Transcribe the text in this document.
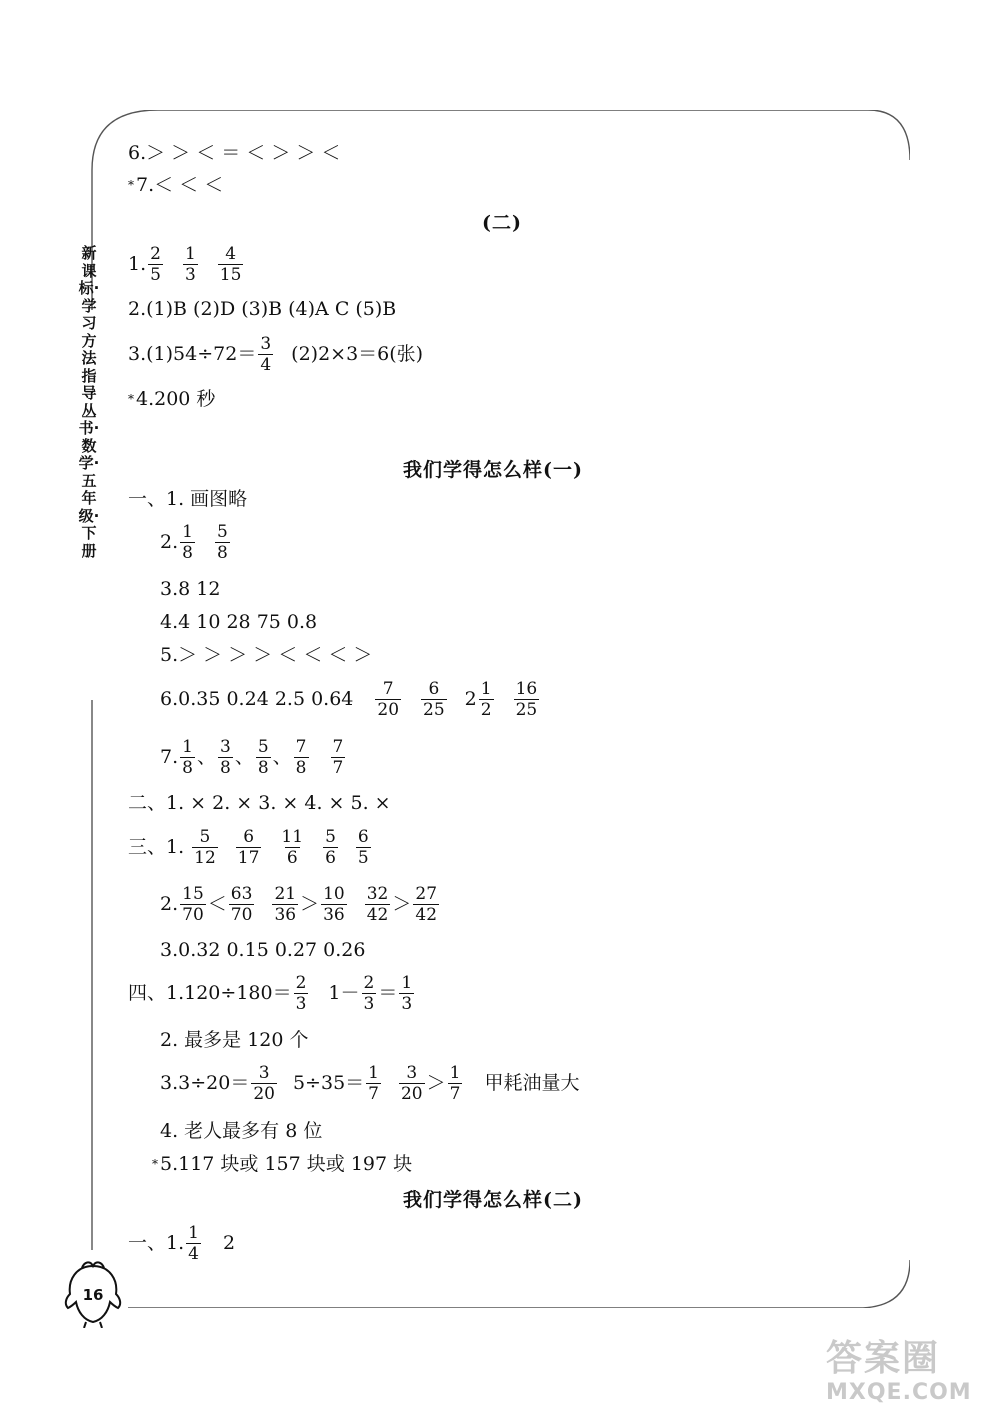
新课标·学习方法指导丛书·数学·五年级·下册
6.＞ ＞ ＜ ＝ ＜ ＞ ＞ ＜
* 7.＜ ＜ ＜
(二)
1. 2
5
1
3
4
15
2.(1)B (2)D (3)B (4)A C (5)B
3.(1)54÷72＝ 3
4 (2)2×3＝6(张)
* 4.200 秒
我们学得怎么样(一)
一、1. 画图略
2. 1
8
5
8
3.8 12
4.4 10 28 75 0.8
5.＞ ＞ ＞ ＞ ＜ ＜ ＜ ＞
6.0.35 0.24 2.5 0.64 7
20
6
25 2 1
2
16
25
7. 1
8 、 3
8 、 5
8 、 7
8
7
7
二、1. × 2. × 3. × 4. × 5. ×
三、1. 5
12
6
17
11
6
5
6
6
5
2. 15
70 ＜ 63
70
21
36 ＞ 10
36
32
42 ＞ 27
42
3.0.32 0.15 0.27 0.26
四、1.120÷180＝ 2
3 1－ 2
3 ＝ 1
3
2. 最多是 120 个
3.3÷20＝ 3
20 5÷35＝ 1
7
3
20 ＞ 1
7 甲耗油量大
4. 老人最多有 8 位
* 5.117 块或 157 块或 197 块
我们学得怎么样(二)
一、1. 1
4 2
16
答案圈
MXQE.COM
